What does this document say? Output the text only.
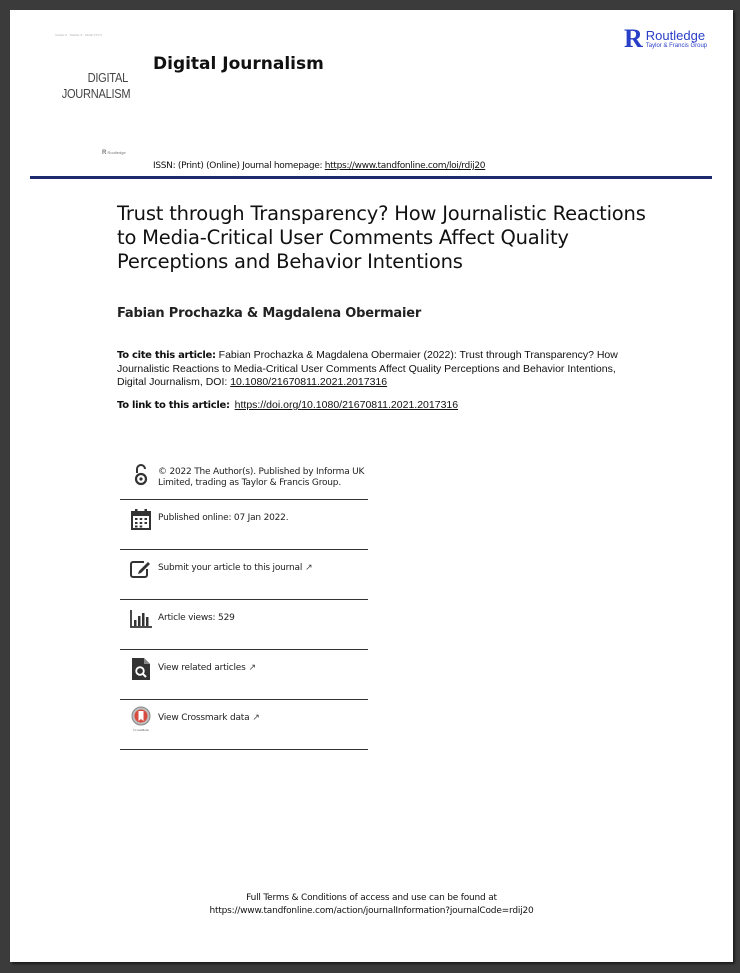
Volume X · Number X · Month YYYY
DIGITAL
JOURNALISM
Digital Journalism
R Routledge
Taylor & Francis Group
R Routledge
ISSN: (Print) (Online) Journal homepage: https://www.tandfonline.com/loi/rdij20
Trust through Transparency? How Journalistic Reactions to Media-Critical User Comments Affect Quality Perceptions and Behavior Intentions
Fabian Prochazka & Magdalena Obermaier
To cite this article: Fabian Prochazka & Magdalena Obermaier (2022): Trust through Transparency? How Journalistic Reactions to Media-Critical User Comments Affect Quality Perceptions and Behavior Intentions, Digital Journalism, DOI: 10.1080/21670811.2021.2017316
To link to this article: https://doi.org/10.1080/21670811.2021.2017316
© 2022 The Author(s). Published by Informa UK Limited, trading as Taylor & Francis Group.
Published online: 07 Jan 2022.
Submit your article to this journal ↗
Article views: 529
View related articles ↗
CrossMark
View Crossmark data ↗
Full Terms & Conditions of access and use can be found at
https://www.tandfonline.com/action/journalInformation?journalCode=rdij20
